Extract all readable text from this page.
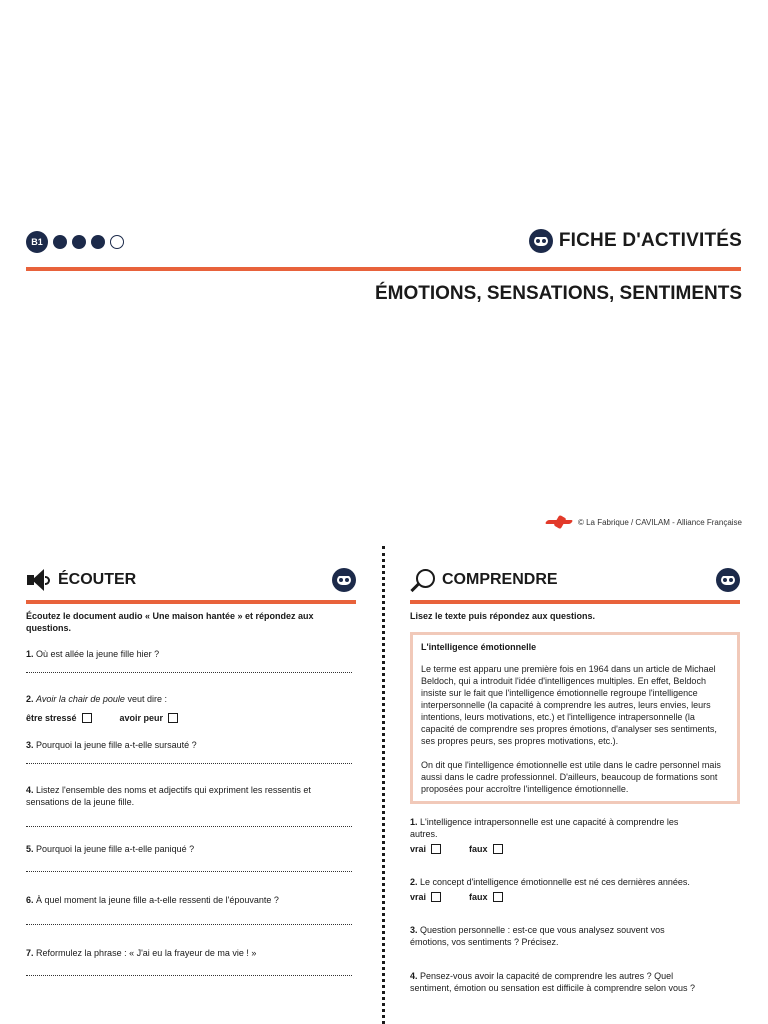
B1	FICHE D'ACTIVITÉS
ÉMOTIONS, SENSATIONS, SENTIMENTS
© La Fabrique / CAVILAM - Alliance Française
ÉCOUTER
Écoutez le document audio « Une maison hantée » et répondez aux questions.
1. Où est allée la jeune fille hier ?
2. Avoir la chair de poule veut dire :
être stressé	avoir peur
3. Pourquoi la jeune fille a-t-elle sursauté ?
4. Listez l'ensemble des noms et adjectifs qui expriment les ressentis et sensations de la jeune fille.
5. Pourquoi la jeune fille a-t-elle paniqué ?
6. À quel moment la jeune fille a-t-elle ressenti de l'épouvante ?
7. Reformulez la phrase : « J'ai eu la frayeur de ma vie ! »
COMPRENDRE
Lisez le texte puis répondez aux questions.
L'intelligence émotionnelle

Le terme est apparu une première fois en 1964 dans un article de Michael Beldoch, qui a introduit l'idée d'intelligences multiples. En effet, Beldoch insiste sur le fait que l'intelligence émotionnelle regroupe l'intelligence interpersonnelle (la capacité à comprendre les autres, leurs envies, leurs intentions, leurs motivations, etc.) et l'intelligence intrapersonnelle (la capacité de comprendre ses propres émotions, d'analyser ses sentiments, ses propres peurs, ses propres motivations, etc.).

On dit que l'intelligence émotionnelle est utile dans le cadre personnel mais aussi dans le cadre professionnel. D'ailleurs, beaucoup de formations sont proposées pour accroître l'intelligence émotionnelle.

1. L'intelligence intrapersonnelle est une capacité à comprendre les autres.
vrai	faux
2. Le concept d'intelligence émotionnelle est né ces dernières années.
vrai	faux
3. Question personnelle : est-ce que vous analysez souvent vos émotions, vos sentiments ? Précisez.
4. Pensez-vous avoir la capacité de comprendre les autres ? Quel sentiment, émotion ou sensation est difficile à comprendre selon vous ?
